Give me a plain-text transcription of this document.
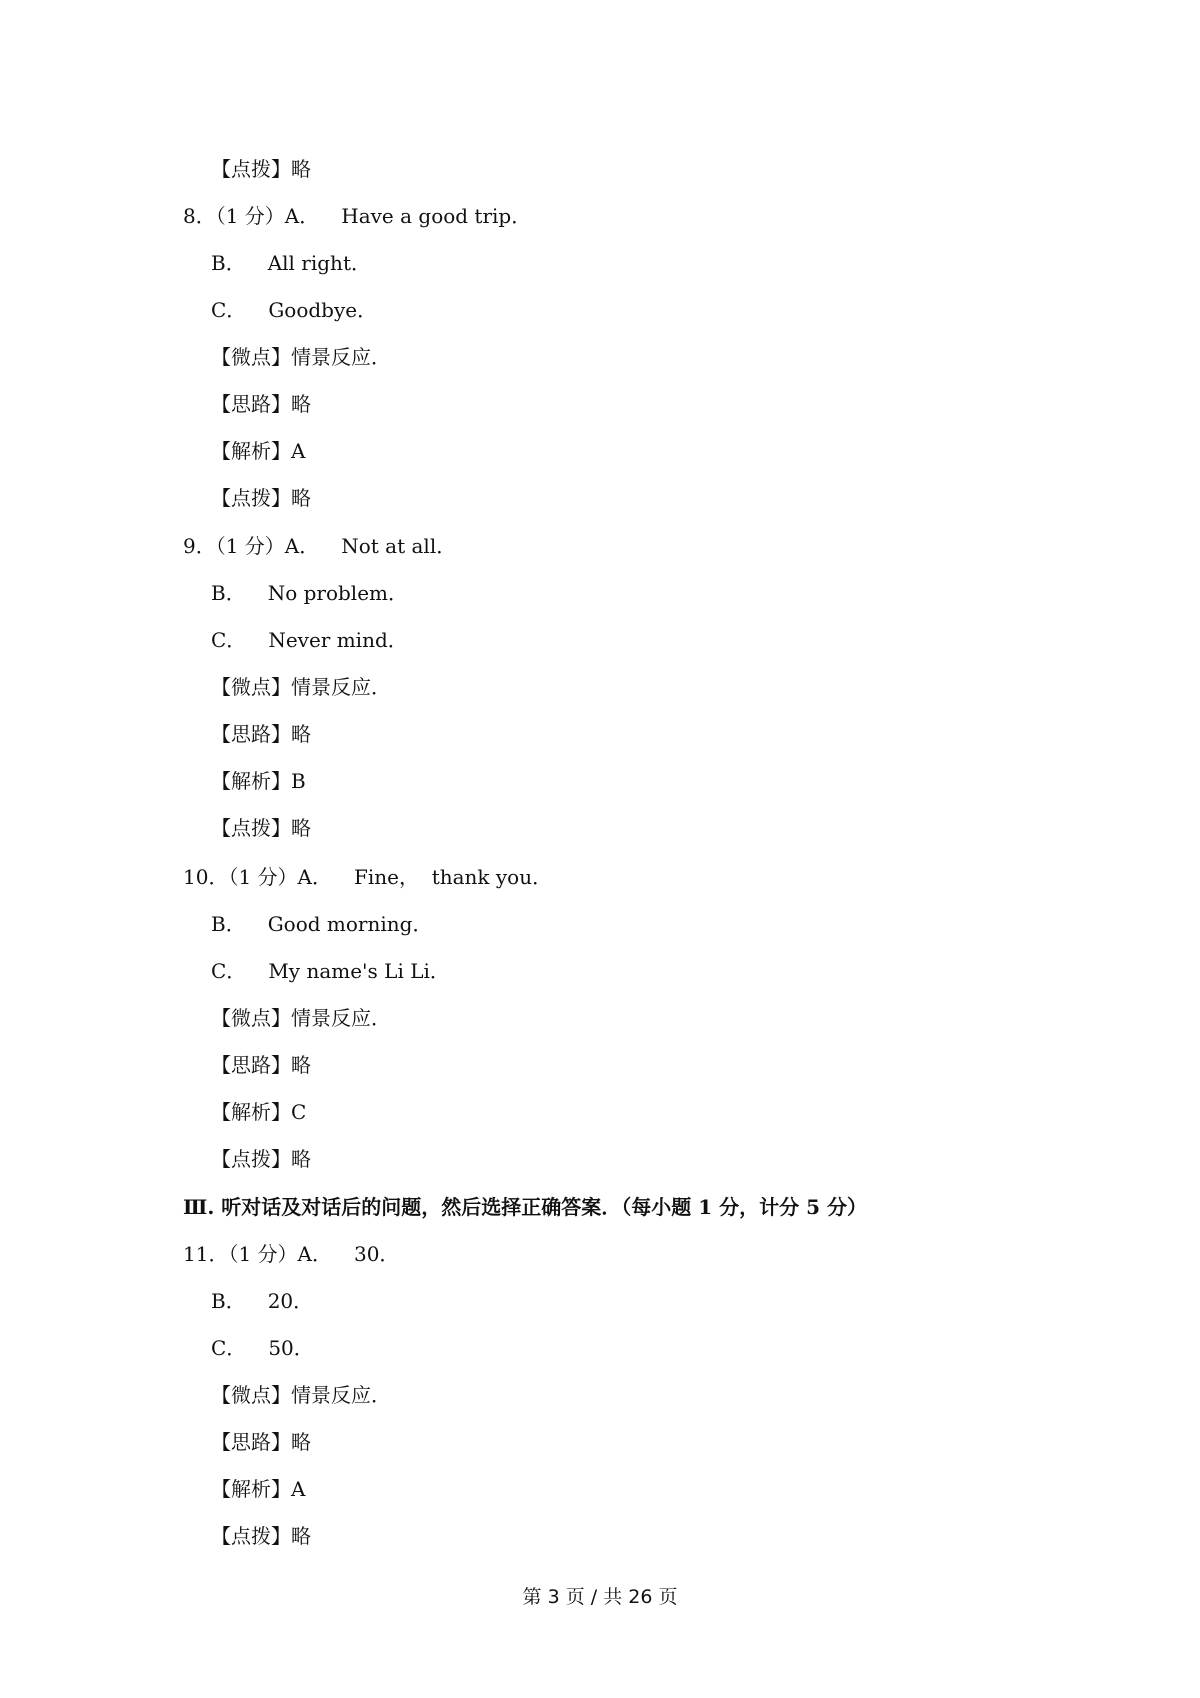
【点拨】略
8．（1 分）A． Have a good trip．
B． All right．
C． Goodbye．
【微点】情景反应．
【思路】略
【解析】A
【点拨】略
9．（1 分）A． Not at all．
B． No problem．
C． Never mind．
【微点】情景反应．
【思路】略
【解析】B
【点拨】略
10．（1 分）A． Fine，  thank you．
B． Good morning．
C． My name's Li Li．
【微点】情景反应．
【思路】略
【解析】C
【点拨】略
Ⅲ. 听对话及对话后的问题，然后选择正确答案．（每小题 1 分，计分 5 分）
11．（1 分）A． 30．
B． 20．
C． 50．
【微点】情景反应．
【思路】略
【解析】A
【点拨】略
第 3 页 / 共 26 页
